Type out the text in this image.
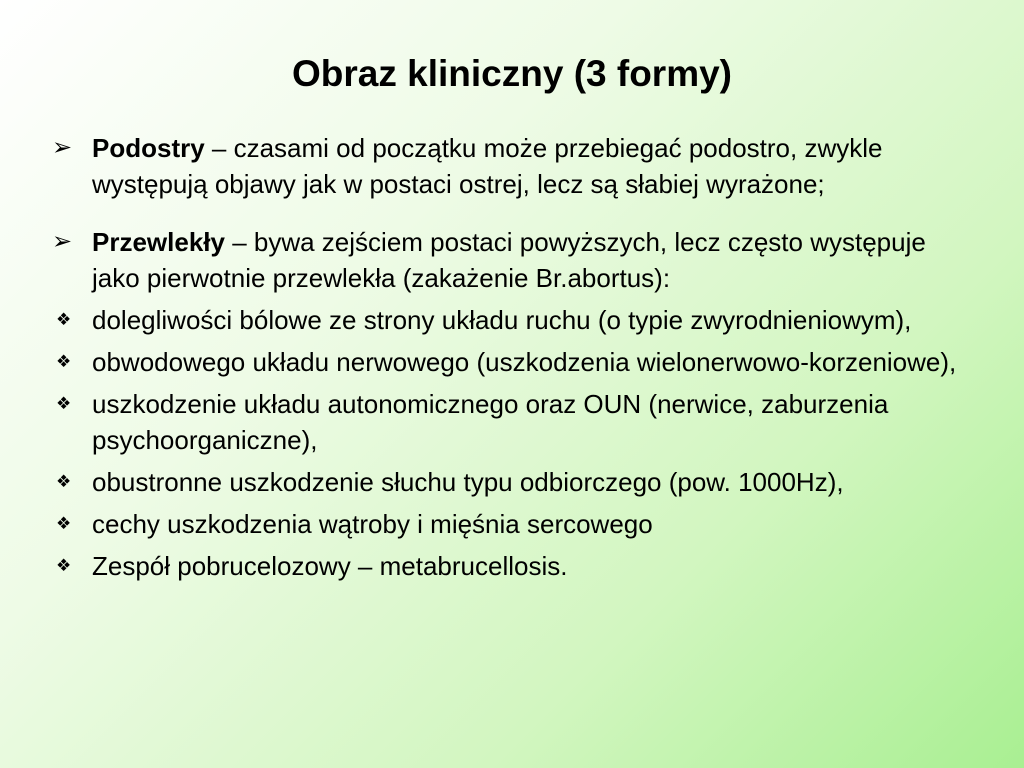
Obraz kliniczny (3 formy)
➢ Podostry – czasami od początku może przebiegać podostro, zwykle występują objawy jak w postaci ostrej, lecz są słabiej wyrażone;
➢ Przewlekły – bywa zejściem postaci powyższych, lecz często występuje jako pierwotnie przewlekła (zakażenie Br.abortus):
❖ dolegliwości bólowe ze strony układu ruchu (o typie zwyrodnieniowym),
❖ obwodowego układu nerwowego (uszkodzenia wielonerwowo-korzeniowe),
❖ uszkodzenie układu autonomicznego oraz OUN (nerwice, zaburzenia psychoorganiczne),
❖ obustronne uszkodzenie słuchu typu odbiorczego (pow. 1000Hz),
❖ cechy uszkodzenia wątroby i mięśnia sercowego
❖ Zespół pobrucelozowy – metabrucellosis.
